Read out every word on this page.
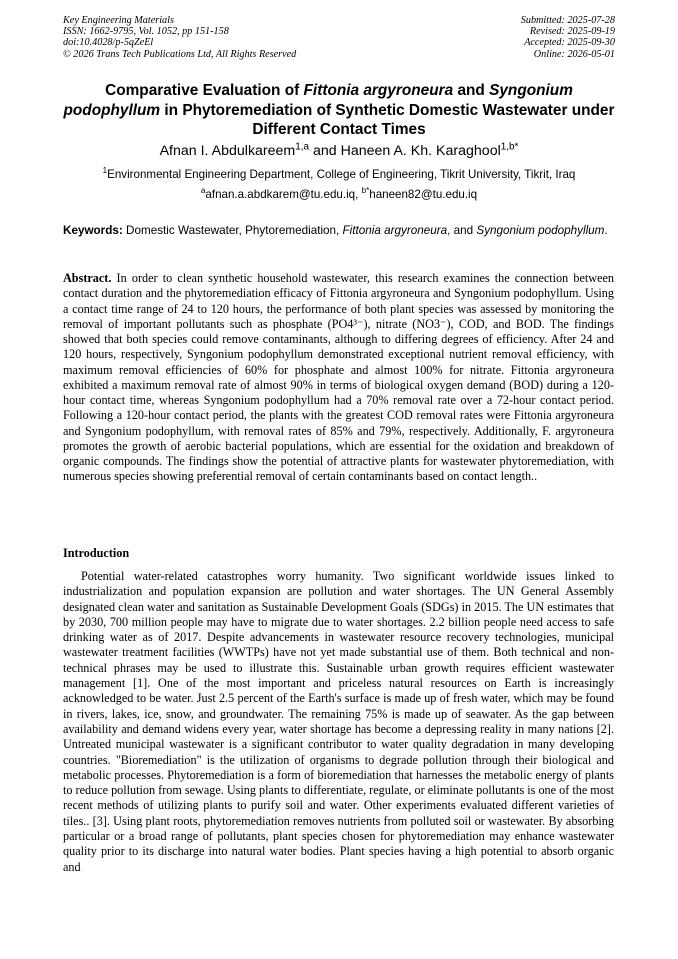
Key Engineering Materials
ISSN: 1662-9795, Vol. 1052, pp 151-158
doi:10.4028/p-5qZeEl
© 2026 Trans Tech Publications Ltd, All Rights Reserved
Submitted: 2025-07-28
Revised: 2025-09-19
Accepted: 2025-09-30
Online: 2026-05-01
Comparative Evaluation of Fittonia argyroneura and Syngonium
podophyllum in Phytoremediation of Synthetic Domestic Wastewater under Different Contact Times
Afnan I. Abdulkareem$^{1,a}$ and Haneen A. Kh. Karaghool$^{1,b*}$
$^1$Environmental Engineering Department, College of Engineering, Tikrit University, Tikrit, Iraq
$^a$afnan.a.abdkarem@tu.edu.iq, $^{b*}$haneen82@tu.edu.iq
Keywords: Domestic Wastewater, Phytoremediation, Fittonia argyroneura, and Syngonium podophyllum.
Abstract. In order to clean synthetic household wastewater, this research examines the connection between contact duration and the phytoremediation efficacy of Fittonia argyroneura and Syngonium podophyllum. Using a contact time range of 24 to 120 hours, the performance of both plant species was assessed by monitoring the removal of important pollutants such as phosphate (PO4³⁻), nitrate (NO3⁻), COD, and BOD. The findings showed that both species could remove contaminants, although to differing degrees of efficiency. After 24 and 120 hours, respectively, Syngonium podophyllum demonstrated exceptional nutrient removal efficiency, with maximum removal efficiencies of 60% for phosphate and almost 100% for nitrate. Fittonia argyroneura exhibited a maximum removal rate of almost 90% in terms of biological oxygen demand (BOD) during a 120-hour contact time, whereas Syngonium podophyllum had a 70% removal rate over a 72-hour contact period. Following a 120-hour contact period, the plants with the greatest COD removal rates were Fittonia argyroneura and Syngonium podophyllum, with removal rates of 85% and 79%, respectively. Additionally, F. argyroneura promotes the growth of aerobic bacterial populations, which are essential for the oxidation and breakdown of organic compounds. The findings show the potential of attractive plants for wastewater phytoremediation, with numerous species showing preferential removal of certain contaminants based on contact length..
Introduction
Potential water-related catastrophes worry humanity. Two significant worldwide issues linked to industrialization and population expansion are pollution and water shortages. The UN General Assembly designated clean water and sanitation as Sustainable Development Goals (SDGs) in 2015. The UN estimates that by 2030, 700 million people may have to migrate due to water shortages. 2.2 billion people need access to safe drinking water as of 2017. Despite advancements in wastewater resource recovery technologies, municipal wastewater treatment facilities (WWTPs) have not yet made substantial use of them. Both technical and non-technical phrases may be used to illustrate this. Sustainable urban growth requires efficient wastewater management [1]. One of the most important and priceless natural resources on Earth is increasingly acknowledged to be water. Just 2.5 percent of the Earth's surface is made up of fresh water, which may be found in rivers, lakes, ice, snow, and groundwater. The remaining 75% is made up of seawater. As the gap between availability and demand widens every year, water shortage has become a depressing reality in many nations [2]. Untreated municipal wastewater is a significant contributor to water quality degradation in many developing countries. "Bioremediation" is the utilization of organisms to degrade pollution through their biological and metabolic processes. Phytoremediation is a form of bioremediation that harnesses the metabolic energy of plants to reduce pollution from sewage. Using plants to differentiate, regulate, or eliminate pollutants is one of the most recent methods of utilizing plants to purify soil and water. Other experiments evaluated different varieties of tiles.. [3]. Using plant roots, phytoremediation removes nutrients from polluted soil or wastewater. By absorbing particular or a broad range of pollutants, plant species chosen for phytoremediation may enhance wastewater quality prior to its discharge into natural water bodies. Plant species having a high potential to absorb organic and
